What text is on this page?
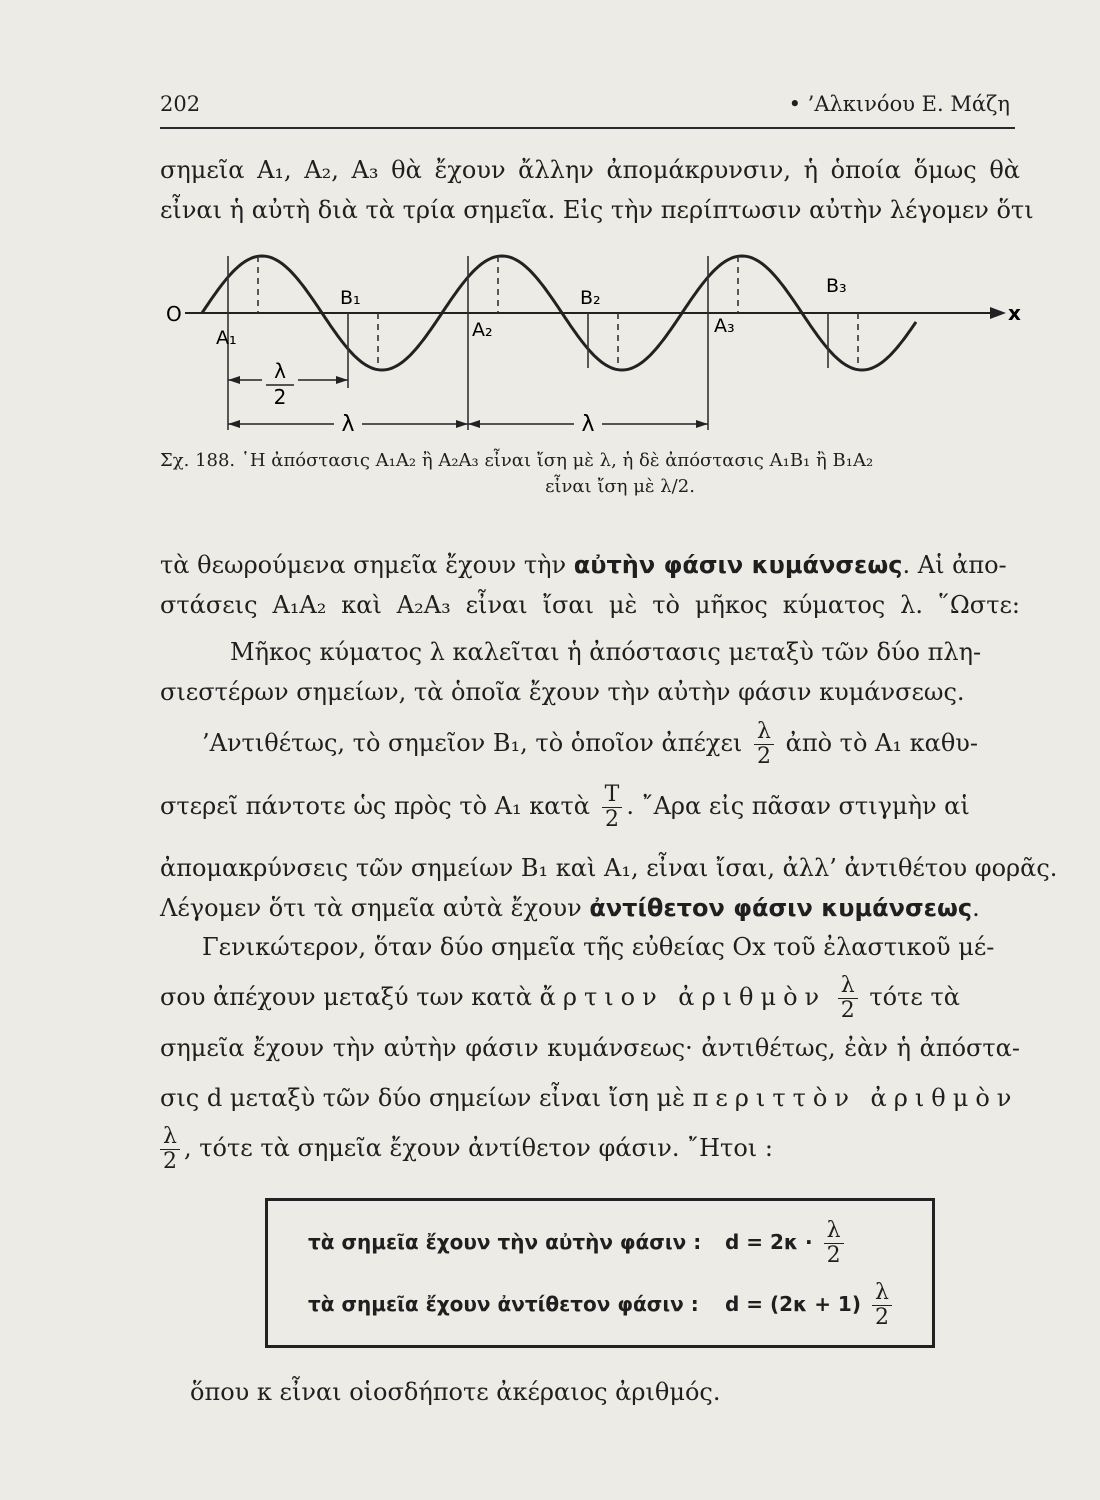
202	• ’Αλκινόου Ε. Μάζη

σημεῖα A₁, A₂, A₃ θὰ ἔχουν ἄλλην ἀπομάκρυνσιν, ἡ ὁποία ὅμως θὰ
εἶναι ἡ αὐτὴ διὰ τὰ τρία σημεῖα. Εἰς τὴν περίπτωσιν αὐτὴν λέγομεν ὅτι

O	x
A₁	A₂	A₃
B₁	B₂
B₃
λ
2
λ	λ
Σχ. 188. ῾Η ἀπόστασις A₁A₂ ἢ A₂A₃ εἶναι ἴση μὲ λ, ἡ δὲ ἀπόστασις A₁B₁ ἢ B₁A₂
εἶναι ἴση μὲ λ/2.

τὰ θεωρούμενα σημεῖα ἔχουν τὴν αὐτὴν φάσιν κυμάνσεως. Αἱ ἀπο-
στάσεις A₁A₂ καὶ A₂A₃ εἶναι ἴσαι μὲ τὸ μῆκος κύματος λ. ῞Ωστε:

Μῆκος κύματος λ καλεῖται ἡ ἀπόστασις μεταξὺ τῶν δύο πλη-
σιεστέρων σημείων, τὰ ὁποῖα ἔχουν τὴν αὐτὴν φάσιν κυμάνσεως.

’Αντιθέτως, τὸ σημεῖον B₁, τὸ ὁποῖον ἀπέχει $\frac{\lambda}{2}$ ἀπὸ τὸ A₁ καθυ-
στερεῖ πάντοτε ὡς πρὸς τὸ A₁ κατὰ $\frac{T}{2}$ . ῎Αρα εἰς πᾶσαν στιγμὴν αἱ

ἀπομακρύνσεις τῶν σημείων B₁ καὶ A₁, εἶναι ἴσαι, ἀλλ’ ἀντιθέτου φορᾶς.
Λέγομεν ὅτι τὰ σημεῖα αὐτὰ ἔχουν ἀντίθετον φάσιν κυμάνσεως.

Γενικώτερον, ὅταν δύο σημεῖα τῆς εὐθείας Ox τοῦ ἐλαστικοῦ μέ-
σου ἀπέχουν μεταξύ των κατὰ ἄρτιον ἀριθμὸν $\frac{\lambda}{2}$ τότε τὰ
σημεῖα ἔχουν τὴν αὐτὴν φάσιν κυμάνσεως· ἀντιθέτως, ἐὰν ἡ ἀπόστα-
σις d μεταξὺ τῶν δύο σημείων εἶναι ἴση μὲ περιττὸν ἀριθμὸν
$\frac{\lambda}{2}$ , τότε τὰ σημεῖα ἔχουν ἀντίθετον φάσιν. ῎Ητοι :
τὰ σημεῖα ἔχουν τὴν αὐτὴν φάσιν : $d = 2\kappa \cdot \frac{\lambda}{2}$
τὰ σημεῖα ἔχουν ἀντίθετον φάσιν : $d = (2\kappa + 1) \frac{\lambda}{2}$
ὅπου κ εἶναι οἱοσδήποτε ἀκέραιος ἀριθμός.
